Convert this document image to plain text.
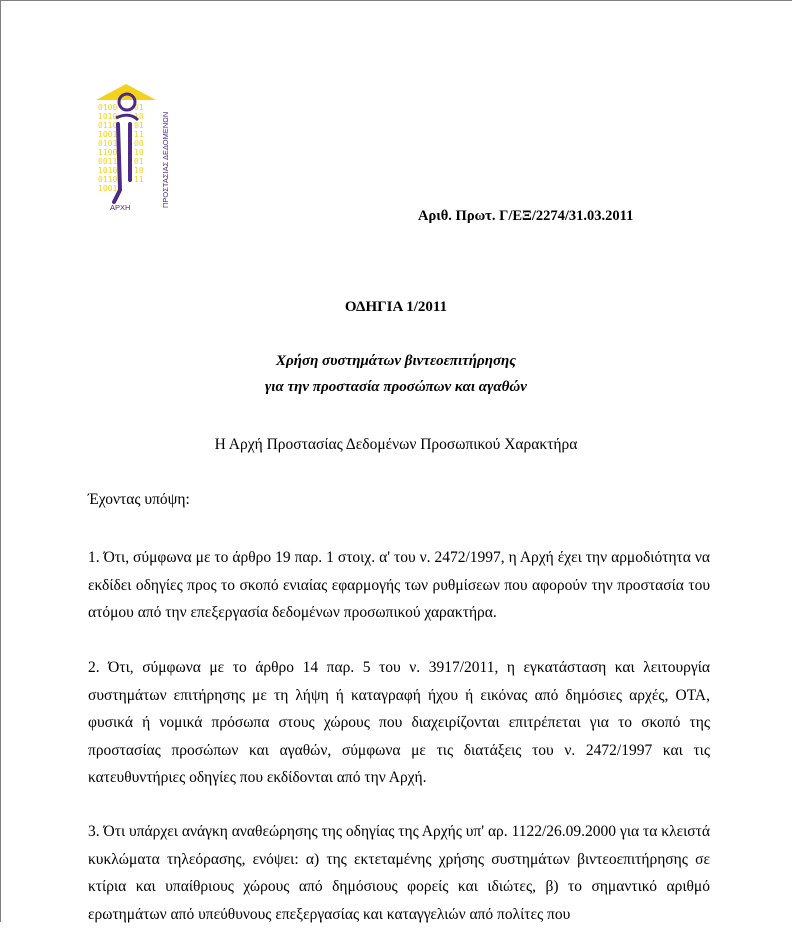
0100
1010
0110
1001
0101
1100
0011
1010
0110
1001
01
10
01
11
00
10
01
10
11 ΠΡΟΣΤΑΣΙΑΣ ΔΕΔΟΜΕΝΩΝ
ΑΡΧΗ
Αριθ. Πρωτ. Γ/ΕΞ/2274/31.03.2011
ΟΔΗΓΙΑ 1/2011
Χρήση συστημάτων βιντεοεπιτήρησης
για την προστασία προσώπων και αγαθών
Η Αρχή Προστασίας Δεδομένων Προσωπικού Χαρακτήρα
Έχοντας υπόψη:
1. Ότι, σύμφωνα με το άρθρο 19 παρ. 1 στοιχ. α' του ν. 2472/1997, η Αρχή έχει την αρμοδιότητα να εκδίδει οδηγίες προς το σκοπό ενιαίας εφαρμογής των ρυθμίσεων που αφορούν την προστασία του ατόμου από την επεξεργασία δεδομένων προσωπικού χαρακτήρα.
2. Ότι, σύμφωνα με το άρθρο 14 παρ. 5 του ν. 3917/2011, η εγκατάσταση και λειτουργία συστημάτων επιτήρησης με τη λήψη ή καταγραφή ήχου ή εικόνας από δημόσιες αρχές, ΟΤΑ, φυσικά ή νομικά πρόσωπα στους χώρους που διαχειρίζονται επιτρέπεται για το σκοπό της προστασίας προσώπων και αγαθών, σύμφωνα με τις διατάξεις του ν. 2472/1997 και τις κατευθυντήριες οδηγίες που εκδίδονται από την Αρχή.
3. Ότι υπάρχει ανάγκη αναθεώρησης της οδηγίας της Αρχής υπ' αρ. 1122/26.09.2000 για τα κλειστά κυκλώματα τηλεόρασης, ενόψει: α) της εκτεταμένης χρήσης συστημάτων βιντεοεπιτήρησης σε κτίρια και υπαίθριους χώρους από δημόσιους φορείς και ιδιώτες, β) το σημαντικό αριθμό ερωτημάτων από υπεύθυνους επεξεργασίας και καταγγελιών από πολίτες που
